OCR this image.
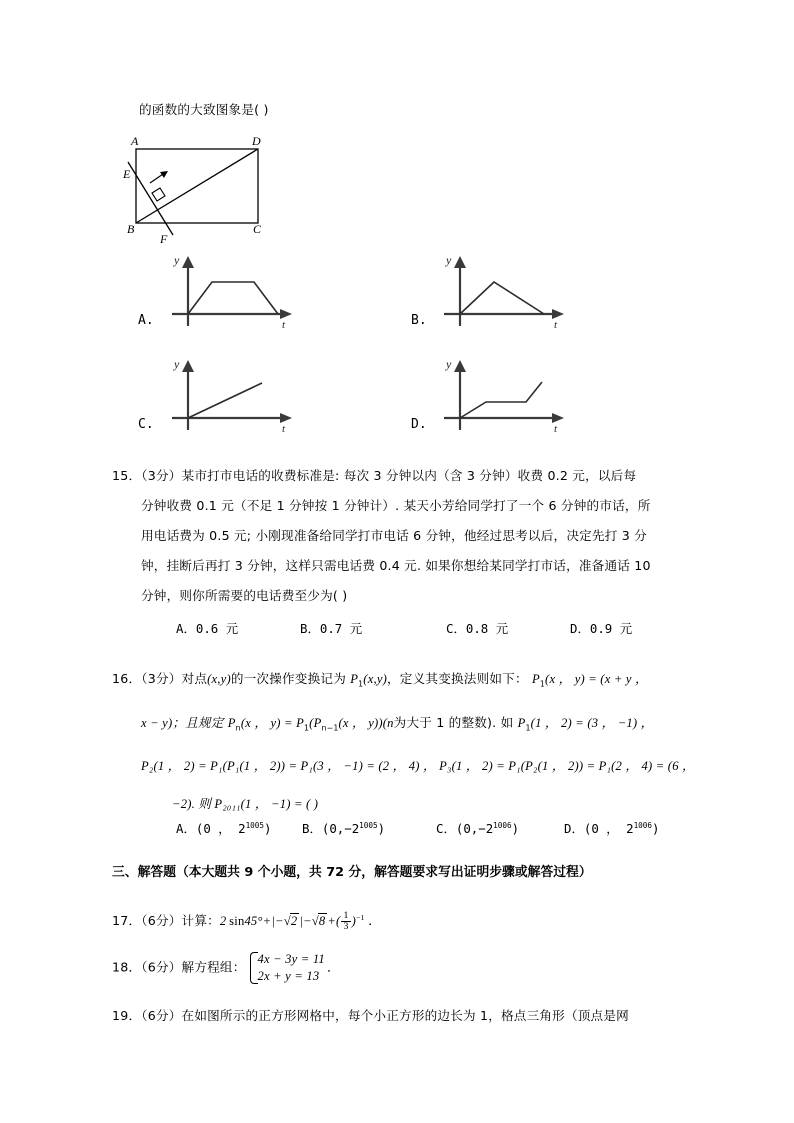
的函数的大致图象是( )
A	D
E
B	C
F
y
t
A.
y
t
B.
y
t
C.
y
t
D.
15．（3分）某市打市电话的收费标准是: 每次 3 分钟以内（含 3 分钟）收费 0.2 元，以后每
分钟收费 0.1 元（不足 1 分钟按 1 分钟计）. 某天小芳给同学打了一个 6 分钟的市话，所
用电话费为 0.5 元; 小刚现准备给同学打市电话 6 分钟，他经过思考以后，决定先打 3 分
钟，挂断后再打 3 分钟，这样只需电话费 0.4 元. 如果你想给某同学打市话，准备通话 10
分钟，则你所需要的电话费至少为( )
A．0.6 元	B．0.7 元	C．0.8 元	D．0.9 元
16．（3分）对点(x,y)的一次操作变换记为 $P_1(x,y)$，定义其变换法则如下： $P_1(x$ ， y) = (x + y ，
x − y)；且规定 $P_n(x$ ， $y) = P_1(P_{n-1}(x$ ， y))(n为大于 1 的整数). 如 $P_1(1$ ， 2) = (3 ， −1) ，
P₂(1 ， 2) = P₁(P₁(1 ， 2)) = P₁(3 ， −1) = (2 ， 4) ， P₃(1 ， 2) = P₁(P₂(1 ， 2)) = P₁(2 ， 4) = (6 ，
−2). 则 P₂₀₁₁(1 ， −1) = ( )
A．(0 ， $2^{1005}$) B．$(0,-2^{1005})$	C．$(0,-2^{1006})$	D．(0 ， $2^{1006}$)
三、解答题（本大题共 9 个小题，共 72 分，解答题要求写出证明步骤或解答过程）
17．（6分）计算：2 sin45°+|−√2 |−√8 +( $\frac{1}{3} )^{-1}$ ．
18．（6分）解方程组：
4x − 3y = 11
2x + y = 13
．
19．（6分）在如图所示的正方形网格中，每个小正方形的边长为 1，格点三角形（顶点是网
